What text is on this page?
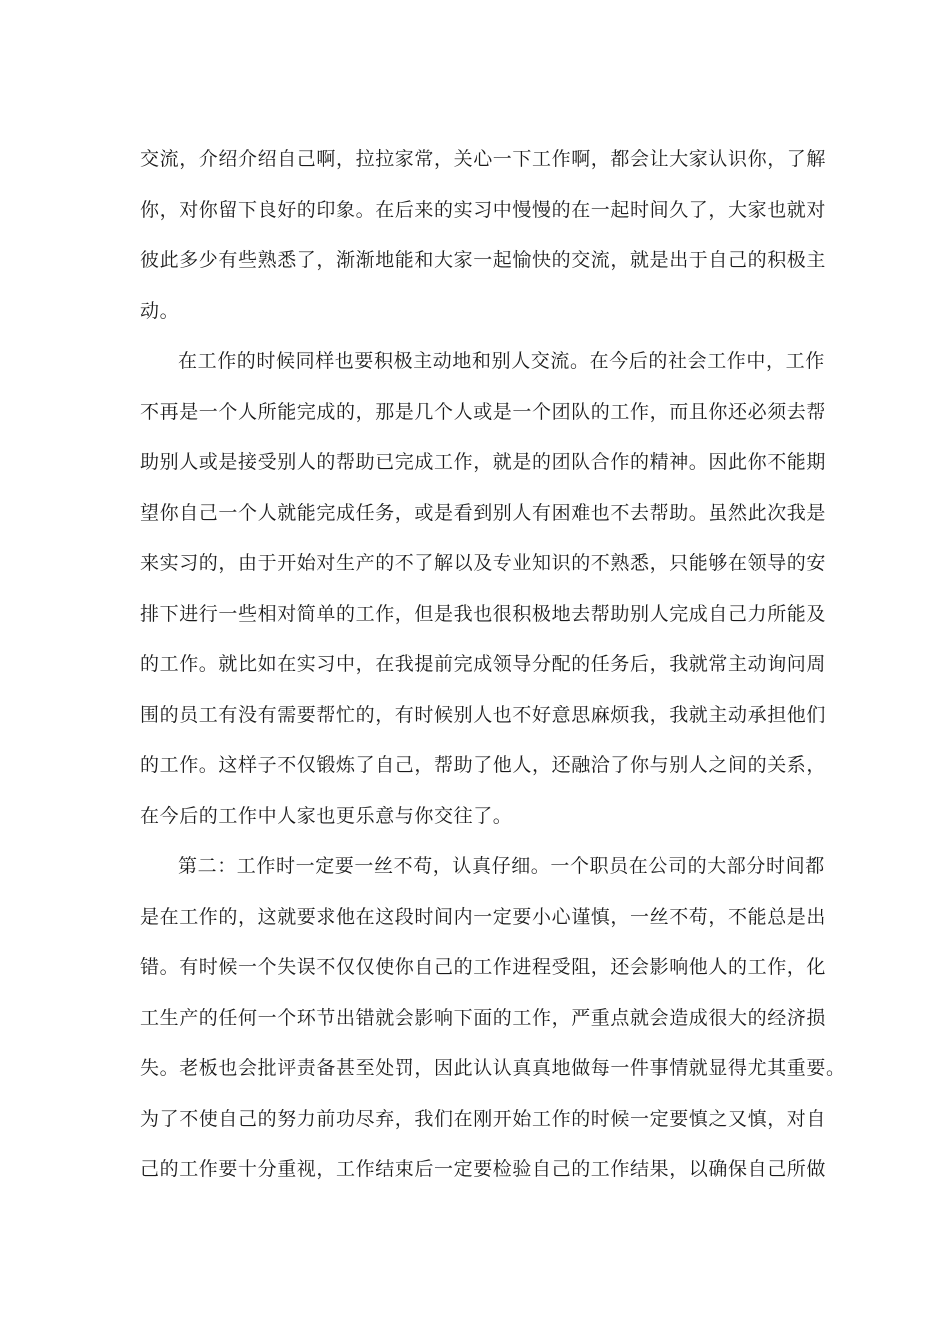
交流，介绍介绍自己啊，拉拉家常，关心一下工作啊，都会让大家认识你，了解
你，对你留下良好的印象。在后来的实习中慢慢的在一起时间久了，大家也就对
彼此多少有些熟悉了，渐渐地能和大家一起愉快的交流，就是出于自己的积极主
动。
在工作的时候同样也要积极主动地和别人交流。在今后的社会工作中，工作
不再是一个人所能完成的，那是几个人或是一个团队的工作，而且你还必须去帮
助别人或是接受别人的帮助已完成工作，就是的团队合作的精神。因此你不能期
望你自己一个人就能完成任务，或是看到别人有困难也不去帮助。虽然此次我是
来实习的，由于开始对生产的不了解以及专业知识的不熟悉，只能够在领导的安
排下进行一些相对简单的工作，但是我也很积极地去帮助别人完成自己力所能及
的工作。就比如在实习中，在我提前完成领导分配的任务后，我就常主动询问周
围的员工有没有需要帮忙的，有时候别人也不好意思麻烦我，我就主动承担他们
的工作。这样子不仅锻炼了自己，帮助了他人，还融洽了你与别人之间的关系，
在今后的工作中人家也更乐意与你交往了。
第二：工作时一定要一丝不苟，认真仔细。一个职员在公司的大部分时间都
是在工作的，这就要求他在这段时间内一定要小心谨慎，一丝不苟，不能总是出
错。有时候一个失误不仅仅使你自己的工作进程受阻，还会影响他人的工作，化
工生产的任何一个环节出错就会影响下面的工作，严重点就会造成很大的经济损
失。老板也会批评责备甚至处罚，因此认认真真地做每一件事情就显得尤其重要。
为了不使自己的努力前功尽弃，我们在刚开始工作的时候一定要慎之又慎，对自
己的工作要十分重视，工作结束后一定要检验自己的工作结果，以确保自己所做
